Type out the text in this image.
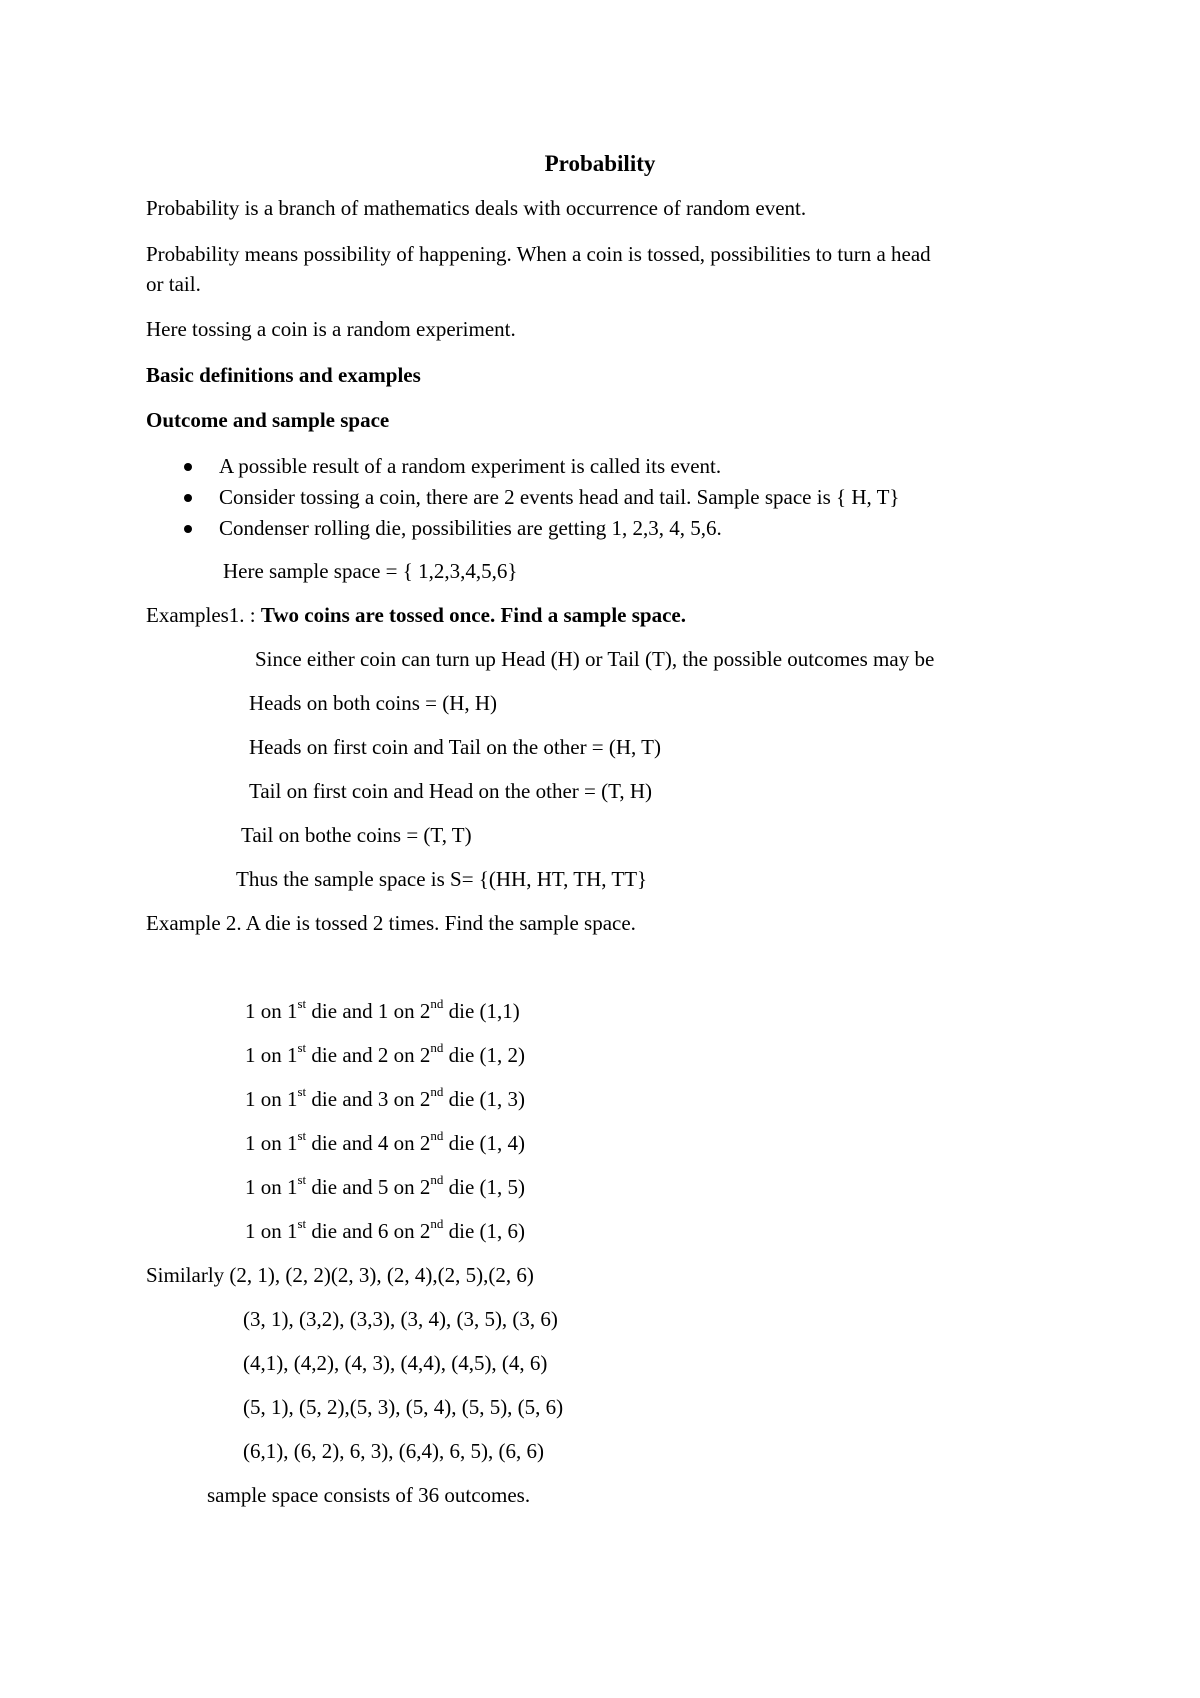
Probability
Probability is a branch of mathematics deals with occurrence of random event.
Probability means possibility of happening. When a coin is tossed, possibilities to turn a head
or tail.
Here tossing a coin is a random experiment.
Basic definitions and examples
Outcome and sample space
A possible result of a random experiment is called its event.
Consider tossing a coin, there are 2 events head and tail. Sample space is { H, T}
Condenser rolling die, possibilities are getting 1, 2,3, 4, 5,6.
Here sample space = { 1,2,3,4,5,6}
Examples1. : Two coins are tossed once. Find a sample space.
Since either coin can turn up Head (H) or Tail (T), the possible outcomes may be
Heads on both coins = (H, H)
Heads on first coin and Tail on the other = (H, T)
Tail on first coin and Head on the other = (T, H)
Tail on bothe coins = (T, T)
Thus the sample space is S= {(HH, HT, TH, TT}
Example 2. A die is tossed 2 times. Find the sample space.
1 on 1st die and 1 on 2nd die (1,1)
1 on 1st die and 2 on 2nd die (1, 2)
1 on 1st die and 3 on 2nd die (1, 3)
1 on 1st die and 4 on 2nd die (1, 4)
1 on 1st die and 5 on 2nd die (1, 5)
1 on 1st die and 6 on 2nd die (1, 6)
Similarly (2, 1), (2, 2)(2, 3), (2, 4),(2, 5),(2, 6)
(3, 1), (3,2), (3,3), (3, 4), (3, 5), (3, 6)
(4,1), (4,2), (4, 3), (4,4), (4,5), (4, 6)
(5, 1), (5, 2),(5, 3), (5, 4), (5, 5), (5, 6)
(6,1), (6, 2), 6, 3), (6,4), 6, 5), (6, 6)
sample space consists of 36 outcomes.
